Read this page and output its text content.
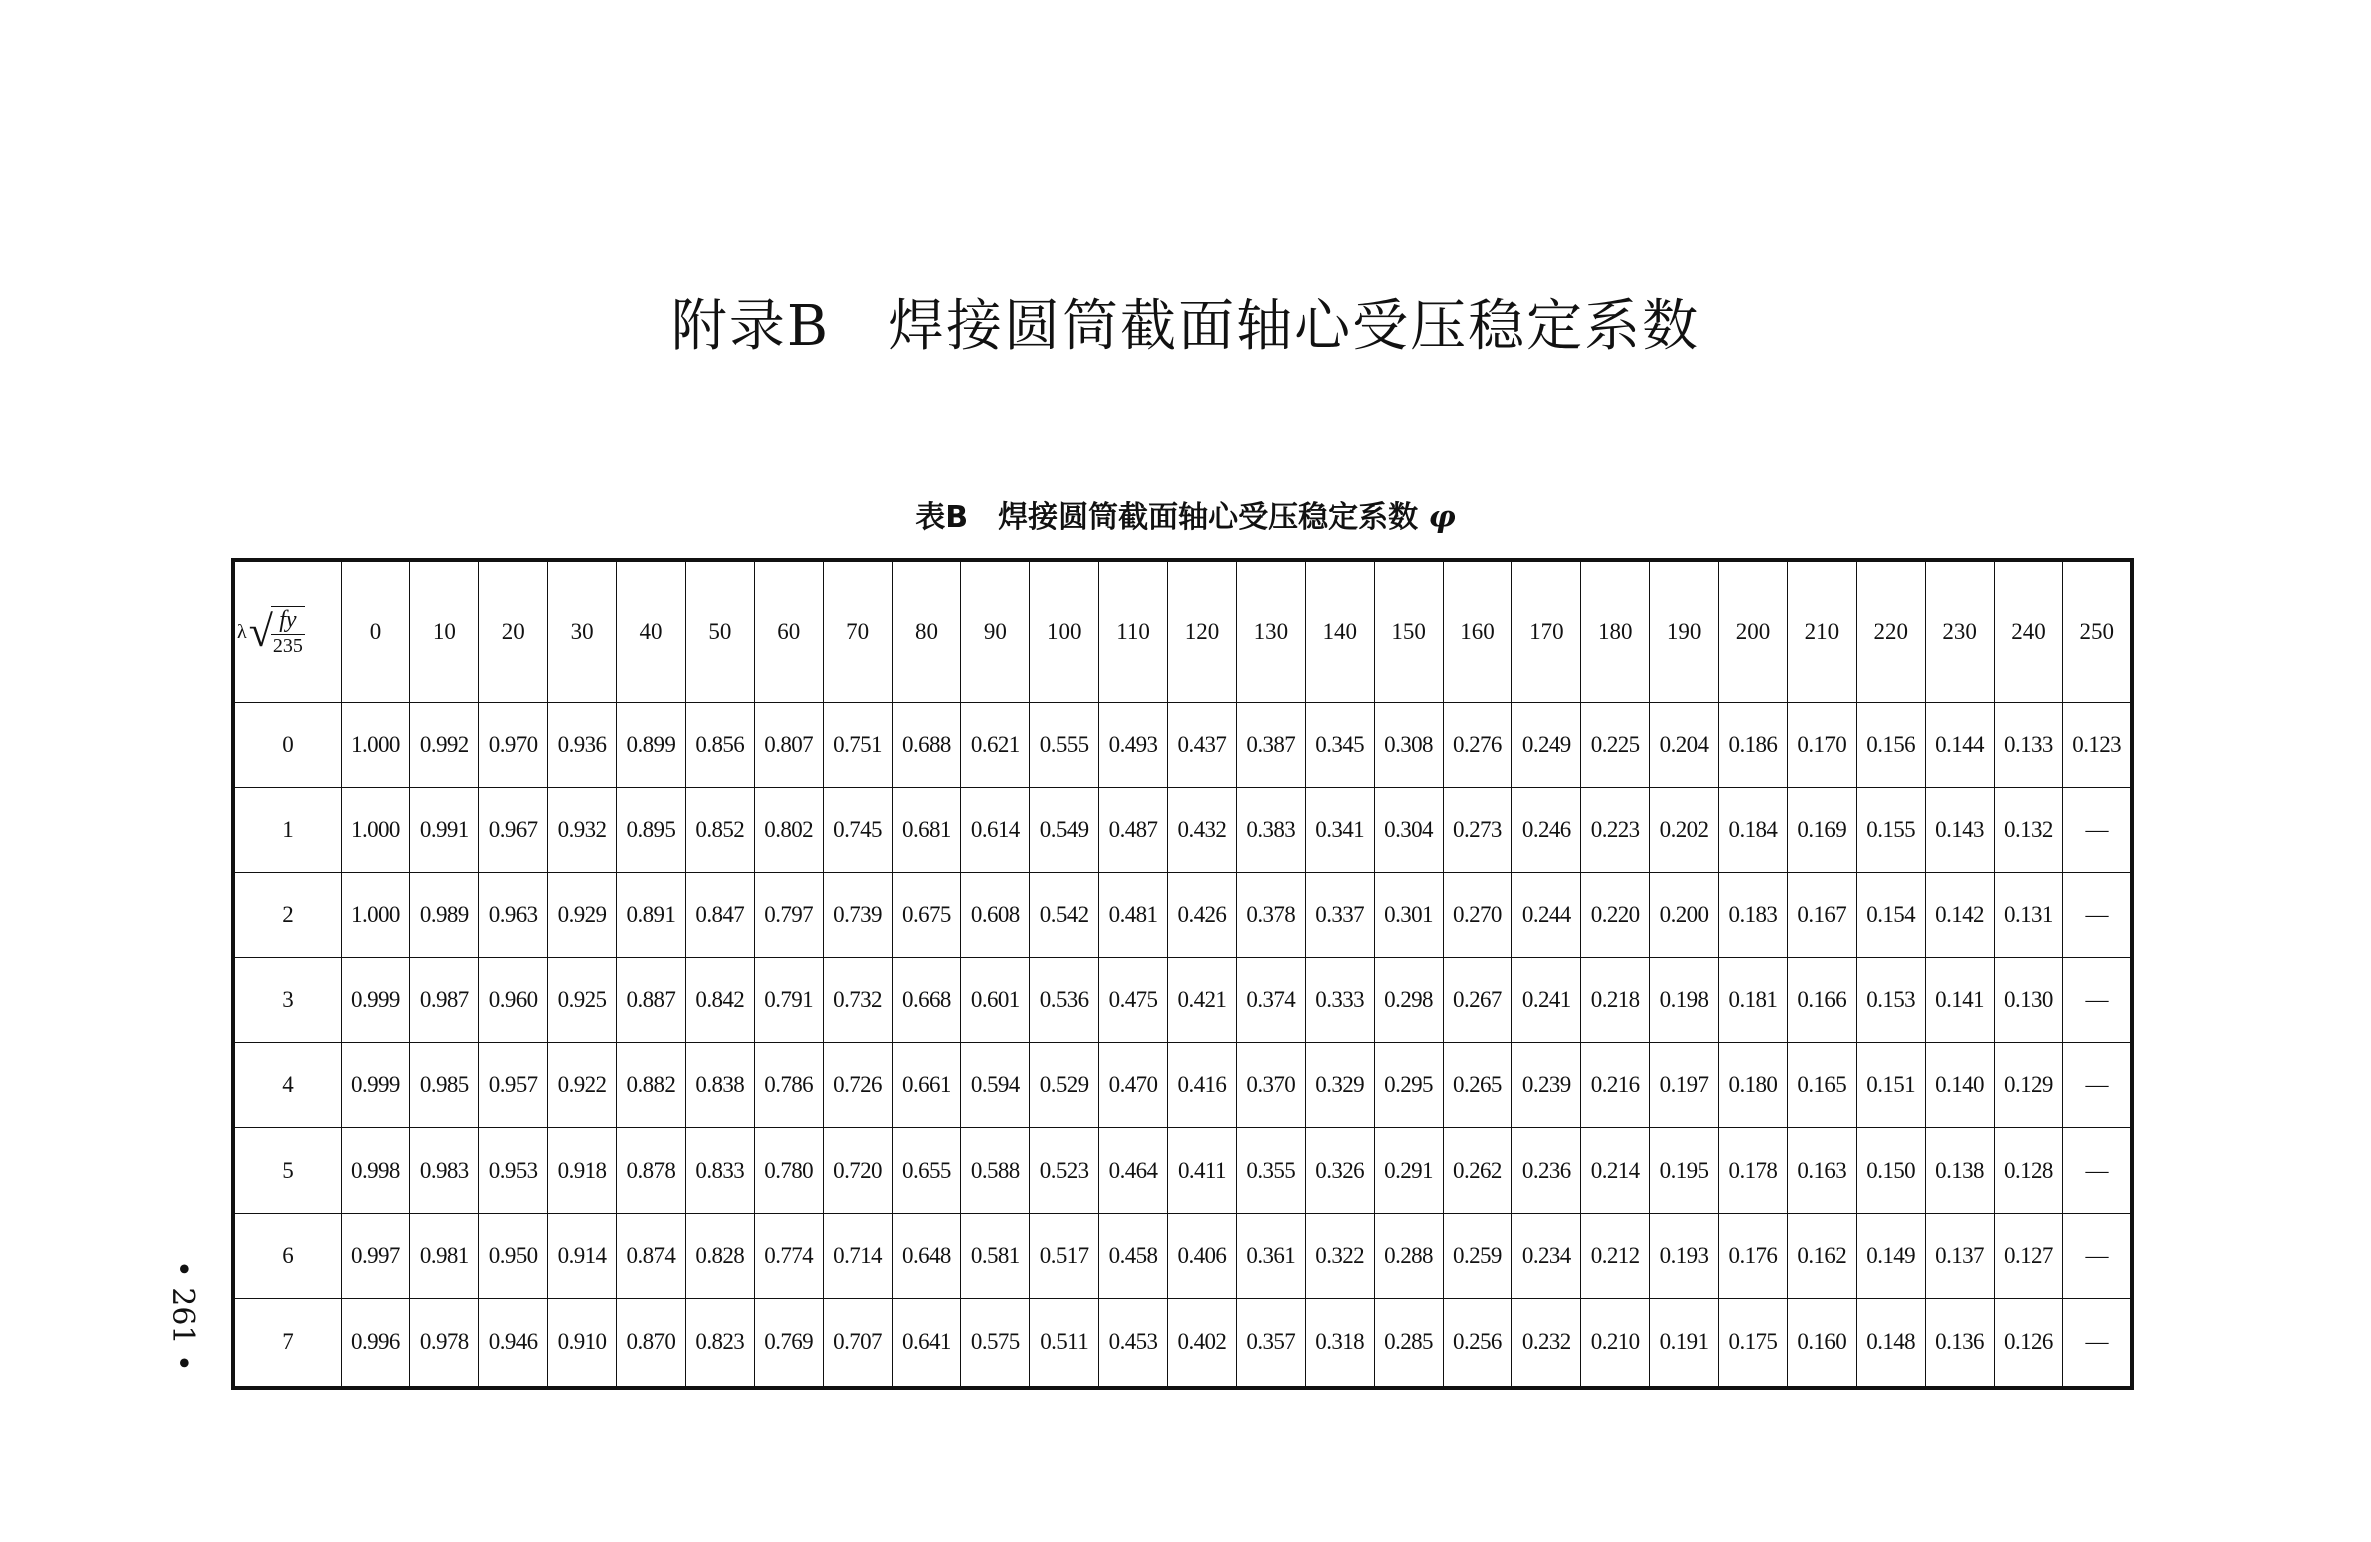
附录B　焊接圆筒截面轴心受压稳定系数
表B　焊接圆筒截面轴心受压稳定系数 φ
λ √
$\frac{fy}{235}$	0	10	20	30	40	50	60	70	80	90	100	110	120	130	140	150	160	170	180	190	200	210	220	230	240	250
0	1.000	0.992	0.970	0.936	0.899	0.856	0.807	0.751	0.688	0.621	0.555	0.493	0.437	0.387	0.345	0.308	0.276	0.249	0.225	0.204	0.186	0.170	0.156	0.144	0.133	0.123
1	1.000	0.991	0.967	0.932	0.895	0.852	0.802	0.745	0.681	0.614	0.549	0.487	0.432	0.383	0.341	0.304	0.273	0.246	0.223	0.202	0.184	0.169	0.155	0.143	0.132	—
2	1.000	0.989	0.963	0.929	0.891	0.847	0.797	0.739	0.675	0.608	0.542	0.481	0.426	0.378	0.337	0.301	0.270	0.244	0.220	0.200	0.183	0.167	0.154	0.142	0.131	—
3	0.999	0.987	0.960	0.925	0.887	0.842	0.791	0.732	0.668	0.601	0.536	0.475	0.421	0.374	0.333	0.298	0.267	0.241	0.218	0.198	0.181	0.166	0.153	0.141	0.130	—
4	0.999	0.985	0.957	0.922	0.882	0.838	0.786	0.726	0.661	0.594	0.529	0.470	0.416	0.370	0.329	0.295	0.265	0.239	0.216	0.197	0.180	0.165	0.151	0.140	0.129	—
5	0.998	0.983	0.953	0.918	0.878	0.833	0.780	0.720	0.655	0.588	0.523	0.464	0.411	0.355	0.326	0.291	0.262	0.236	0.214	0.195	0.178	0.163	0.150	0.138	0.128	—
6	0.997	0.981	0.950	0.914	0.874	0.828	0.774	0.714	0.648	0.581	0.517	0.458	0.406	0.361	0.322	0.288	0.259	0.234	0.212	0.193	0.176	0.162	0.149	0.137	0.127	—
7	0.996	0.978	0.946	0.910	0.870	0.823	0.769	0.707	0.641	0.575	0.511	0.453	0.402	0.357	0.318	0.285	0.256	0.232	0.210	0.191	0.175	0.160	0.148	0.136	0.126	—
• 261 •
